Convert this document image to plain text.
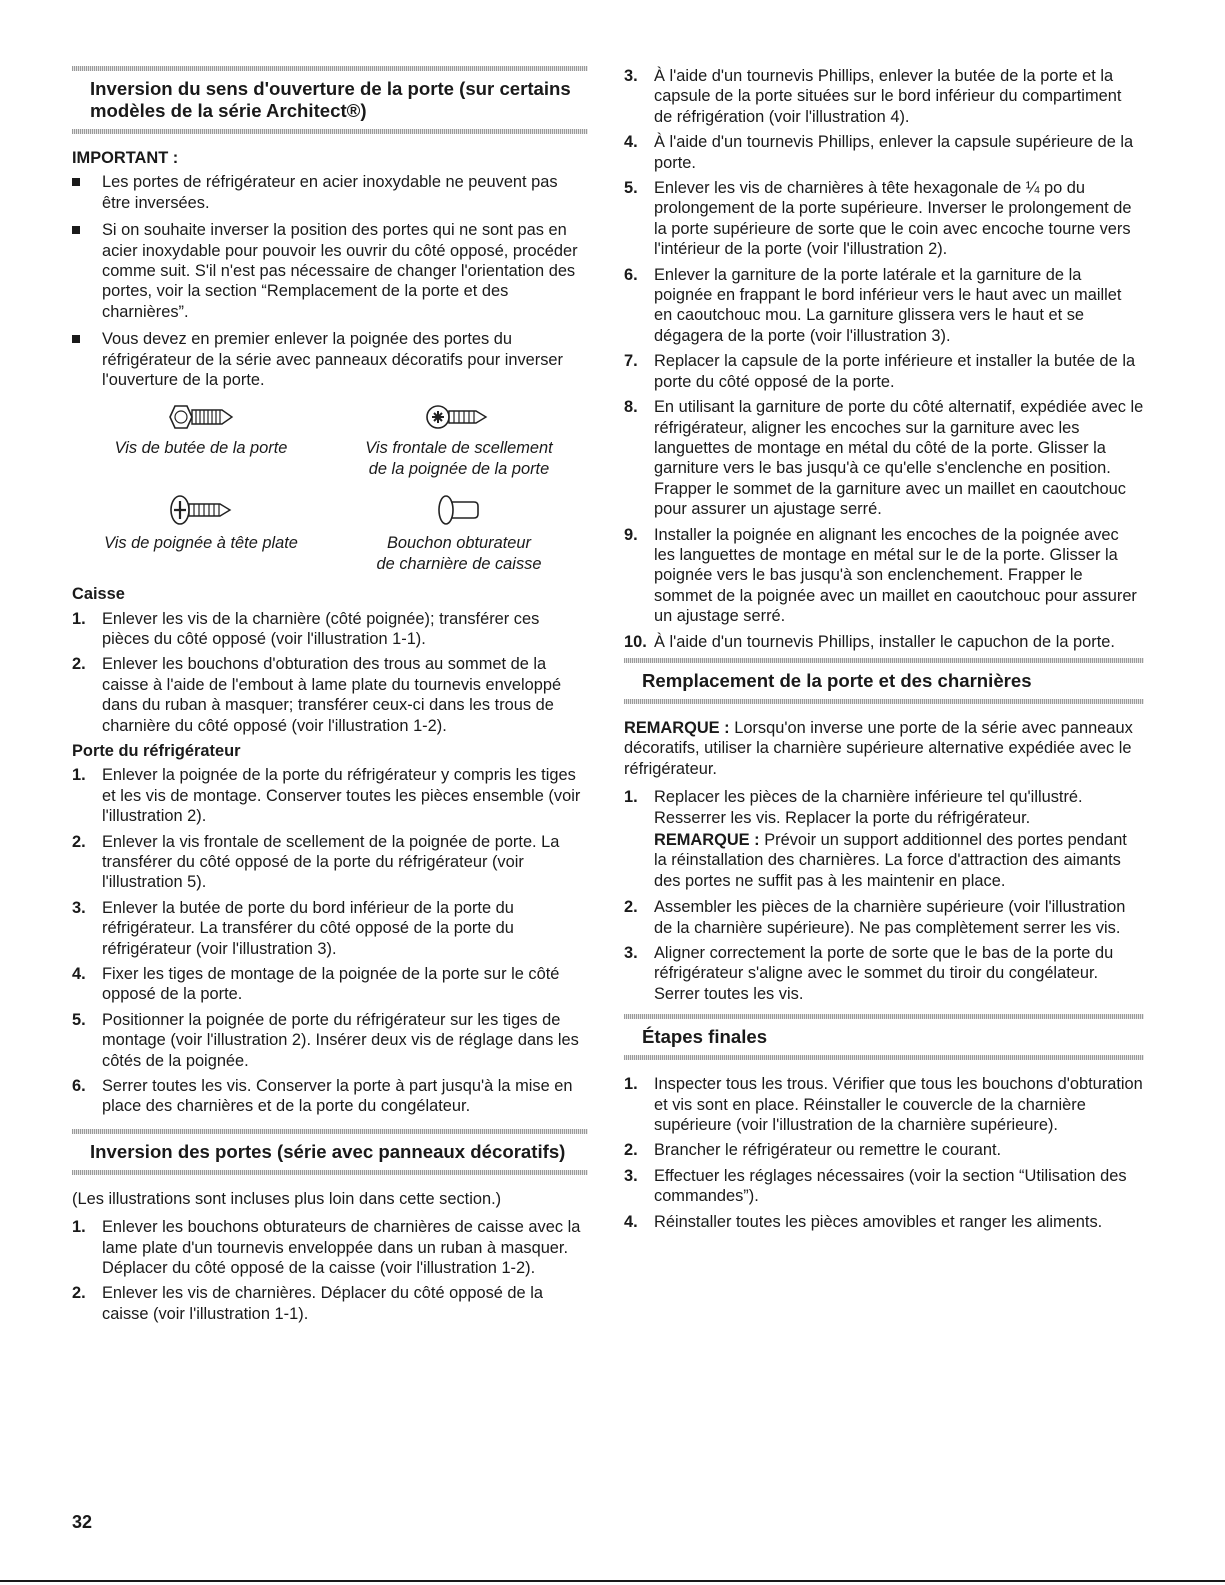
Inversion du sens d'ouverture de la porte (sur certains modèles de la série Architect®)
IMPORTANT :
Les portes de réfrigérateur en acier inoxydable ne peuvent pas être inversées.
Si on souhaite inverser la position des portes qui ne sont pas en acier inoxydable pour pouvoir les ouvrir du côté opposé, procéder comme suit. S'il n'est pas nécessaire de changer l'orientation des portes, voir la section “Remplacement de la porte et des charnières”.
Vous devez en premier enlever la poignée des portes du réfrigérateur de la série avec panneaux décoratifs pour inverser l'ouverture de la porte.
Vis de butée de la porte	Vis frontale de scellement
de la poignée de la porte
Vis de poignée à tête plate	Bouchon obturateur
de charnière de caisse
Caisse
1. Enlever les vis de la charnière (côté poignée); transférer ces pièces du côté opposé (voir l'illustration 1-1).
2. Enlever les bouchons d'obturation des trous au sommet de la caisse à l'aide de l'embout à lame plate du tournevis enveloppé dans du ruban à masquer; transférer ceux-ci dans les trous de charnière du côté opposé (voir l'illustration 1-2).
Porte du réfrigérateur
1. Enlever la poignée de la porte du réfrigérateur y compris les tiges et les vis de montage. Conserver toutes les pièces ensemble (voir l'illustration 2).
2. Enlever la vis frontale de scellement de la poignée de porte. La transférer du côté opposé de la porte du réfrigérateur (voir l'illustration 5).
3. Enlever la butée de porte du bord inférieur de la porte du réfrigérateur. La transférer du côté opposé de la porte du réfrigérateur (voir l'illustration 3).
4. Fixer les tiges de montage de la poignée de la porte sur le côté opposé de la porte.
5. Positionner la poignée de porte du réfrigérateur sur les tiges de montage (voir l'illustration 2). Insérer deux vis de réglage dans les côtés de la poignée.
6. Serrer toutes les vis. Conserver la porte à part jusqu'à la mise en place des charnières et de la porte du congélateur.
Inversion des portes (série avec panneaux décoratifs)
(Les illustrations sont incluses plus loin dans cette section.)
1. Enlever les bouchons obturateurs de charnières de caisse avec la lame plate d'un tournevis enveloppée dans un ruban à masquer. Déplacer du côté opposé de la caisse (voir l'illustration 1-2).
2. Enlever les vis de charnières. Déplacer du côté opposé de la caisse (voir l'illustration 1-1).
3. À l'aide d'un tournevis Phillips, enlever la butée de la porte et la capsule de la porte situées sur le bord inférieur du compartiment de réfrigération (voir l'illustration 4).
4. À l'aide d'un tournevis Phillips, enlever la capsule supérieure de la porte.
5. Enlever les vis de charnières à tête hexagonale de ¼ po du prolongement de la porte supérieure. Inverser le prolongement de la porte supérieure de sorte que le coin avec encoche tourne vers l'intérieur de la porte (voir l'illustration 2).
6. Enlever la garniture de la porte latérale et la garniture de la poignée en frappant le bord inférieur vers le haut avec un maillet en caoutchouc mou. La garniture glissera vers le haut et se dégagera de la porte (voir l'illustration 3).
7. Replacer la capsule de la porte inférieure et installer la butée de la porte du côté opposé de la porte.
8. En utilisant la garniture de porte du côté alternatif, expédiée avec le réfrigérateur, aligner les encoches sur la garniture avec les languettes de montage en métal du côté de la porte. Glisser la garniture vers le bas jusqu'à ce qu'elle s'enclenche en position. Frapper le sommet de la garniture avec un maillet en caoutchouc pour assurer un ajustage serré.
9. Installer la poignée en alignant les encoches de la poignée avec les languettes de montage en métal sur le de la porte. Glisser la poignée vers le bas jusqu'à son enclenchement. Frapper le sommet de la poignée avec un maillet en caoutchouc pour assurer un ajustage serré.
10. À l'aide d'un tournevis Phillips, installer le capuchon de la porte.
Remplacement de la porte et des charnières
REMARQUE : Lorsqu'on inverse une porte de la série avec panneaux décoratifs, utiliser la charnière supérieure alternative expédiée avec le réfrigérateur.
1. Replacer les pièces de la charnière inférieure tel qu'illustré. Resserrer les vis. Replacer la porte du réfrigérateur.
REMARQUE : Prévoir un support additionnel des portes pendant la réinstallation des charnières. La force d'attraction des aimants des portes ne suffit pas à les maintenir en place.
2. Assembler les pièces de la charnière supérieure (voir l'illustration de la charnière supérieure). Ne pas complètement serrer les vis.
3. Aligner correctement la porte de sorte que le bas de la porte du réfrigérateur s'aligne avec le sommet du tiroir du congélateur. Serrer toutes les vis.
Étapes finales
1. Inspecter tous les trous. Vérifier que tous les bouchons d'obturation et vis sont en place. Réinstaller le couvercle de la charnière supérieure (voir l'illustration de la charnière supérieure).
2. Brancher le réfrigérateur ou remettre le courant.
3. Effectuer les réglages nécessaires (voir la section “Utilisation des commandes”).
4. Réinstaller toutes les pièces amovibles et ranger les aliments.
32
